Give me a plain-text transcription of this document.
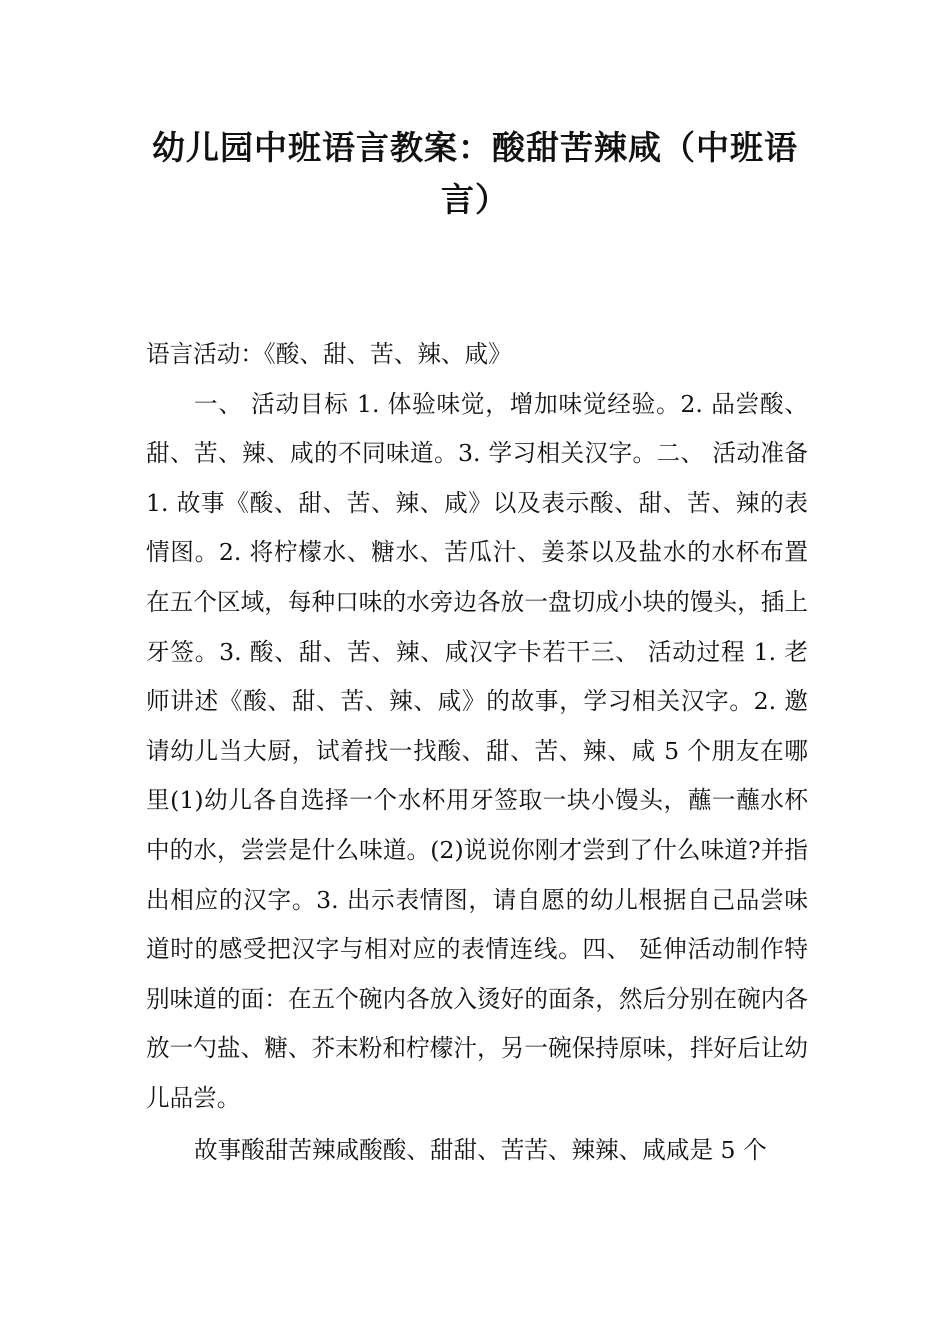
幼儿园中班语言教案：酸甜苦辣咸（中班语言）

语言活动：《酸、甜、苦、辣、咸》

一、 活动目标 1. 体验味觉，增加味觉经验。2. 品尝酸、甜、苦、辣、咸的不同味道。3. 学习相关汉字。二、 活动准备 1. 故事《酸、甜、苦、辣、咸》以及表示酸、甜、苦、辣的表情图。2. 将柠檬水、糖水、苦瓜汁、姜茶以及盐水的水杯布置在五个区域，每种口味的水旁边各放一盘切成小块的馒头，插上牙签。3. 酸、甜、苦、辣、咸汉字卡若干三、 活动过程 1. 老师讲述《酸、甜、苦、辣、咸》的故事，学习相关汉字。2. 邀请幼儿当大厨，试着找一找酸、甜、苦、辣、咸 5 个朋友在哪里(1)幼儿各自选择一个水杯用牙签取一块小馒头，蘸一蘸水杯中的水，尝尝是什么味道。(2)说说你刚才尝到了什么味道?并指出相应的汉字。3. 出示表情图，请自愿的幼儿根据自己品尝味道时的感受把汉字与相对应的表情连线。四、 延伸活动制作特别味道的面：在五个碗内各放入烫好的面条，然后分别在碗内各放一勺盐、糖、芥末粉和柠檬汁，另一碗保持原味，拌好后让幼儿品尝。

故事酸甜苦辣咸酸酸、甜甜、苦苦、辣辣、咸咸是 5 个
